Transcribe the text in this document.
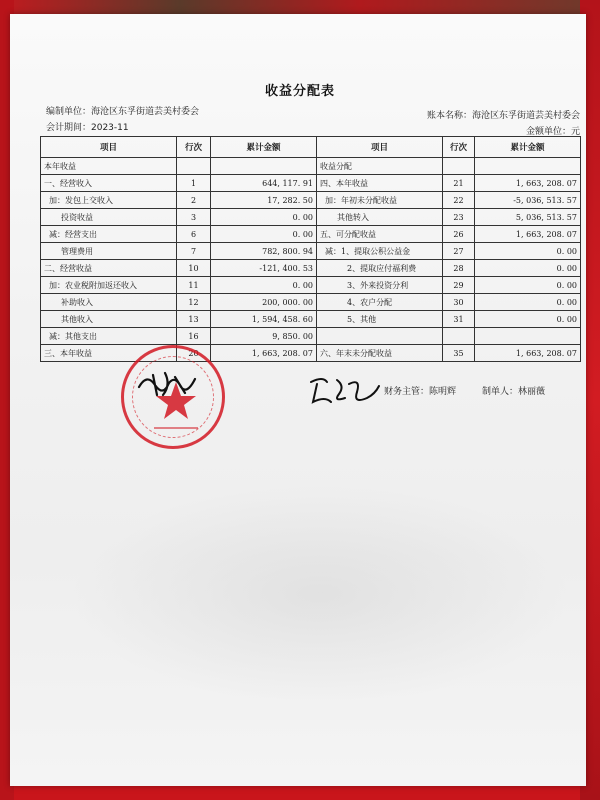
收益分配表
编制单位：海沧区东孚街道芸美村委会
会计期间：2023-11
账本名称：海沧区东孚街道芸美村委会
金额单位：元
项目	行次	累计金额	项目	行次	累计金额
本年收益			收益分配		
一、经营收入	1	644, 117. 91	四、本年收益	21	1, 663, 208. 07
加：发包上交收入	2	17, 282. 50	加：年初未分配收益	22	-5, 036, 513. 57
投资收益	3	0. 00	其他转入	23	5, 036, 513. 57
减：经营支出	6	0. 00	五、可分配收益	26	1, 663, 208. 07
管理费用	7	782, 800. 94	减：1、提取公积公益金	27	0. 00
二、经营收益	10	-121, 400. 53	2、提取应付福利费	28	0. 00
加：农业税附加返还收入	11	0. 00	3、外来投资分利	29	0. 00
补助收入	12	200, 000. 00	4、农户分配	30	0. 00
其他收入	13	1, 594, 458. 60	5、其他	31	0. 00
减：其他支出	16	9, 850. 00			
三、本年收益	20	1, 663, 208. 07	六、年末未分配收益	35	1, 663, 208. 07
财务主管：陈明辉	制单人：林丽薇
